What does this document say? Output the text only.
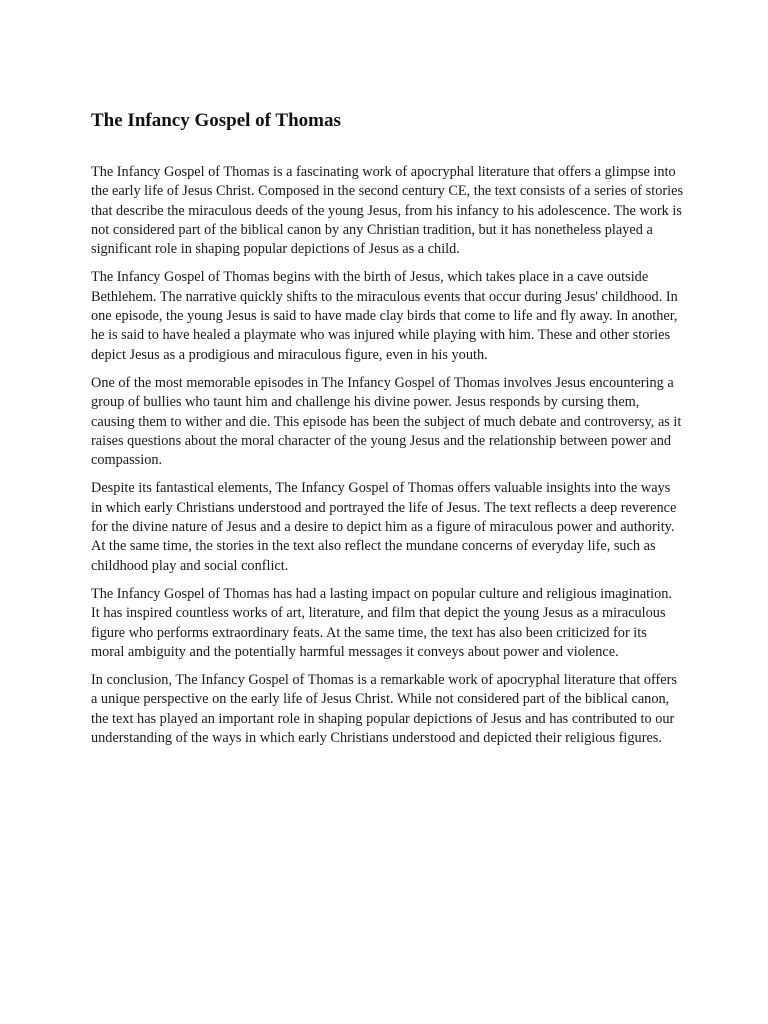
The Infancy Gospel of Thomas

The Infancy Gospel of Thomas is a fascinating work of apocryphal literature that offers a glimpse into the early life of Jesus Christ. Composed in the second century CE, the text consists of a series of stories that describe the miraculous deeds of the young Jesus, from his infancy to his adolescence. The work is not considered part of the biblical canon by any Christian tradition, but it has nonetheless played a significant role in shaping popular depictions of Jesus as a child.

The Infancy Gospel of Thomas begins with the birth of Jesus, which takes place in a cave outside Bethlehem. The narrative quickly shifts to the miraculous events that occur during Jesus' childhood. In one episode, the young Jesus is said to have made clay birds that come to life and fly away. In another, he is said to have healed a playmate who was injured while playing with him. These and other stories depict Jesus as a prodigious and miraculous figure, even in his youth.

One of the most memorable episodes in The Infancy Gospel of Thomas involves Jesus encountering a group of bullies who taunt him and challenge his divine power. Jesus responds by cursing them, causing them to wither and die. This episode has been the subject of much debate and controversy, as it raises questions about the moral character of the young Jesus and the relationship between power and compassion.

Despite its fantastical elements, The Infancy Gospel of Thomas offers valuable insights into the ways in which early Christians understood and portrayed the life of Jesus. The text reflects a deep reverence for the divine nature of Jesus and a desire to depict him as a figure of miraculous power and authority. At the same time, the stories in the text also reflect the mundane concerns of everyday life, such as childhood play and social conflict.

The Infancy Gospel of Thomas has had a lasting impact on popular culture and religious imagination. It has inspired countless works of art, literature, and film that depict the young Jesus as a miraculous figure who performs extraordinary feats. At the same time, the text has also been criticized for its moral ambiguity and the potentially harmful messages it conveys about power and violence.

In conclusion, The Infancy Gospel of Thomas is a remarkable work of apocryphal literature that offers a unique perspective on the early life of Jesus Christ. While not considered part of the biblical canon, the text has played an important role in shaping popular depictions of Jesus and has contributed to our understanding of the ways in which early Christians understood and depicted their religious figures.
